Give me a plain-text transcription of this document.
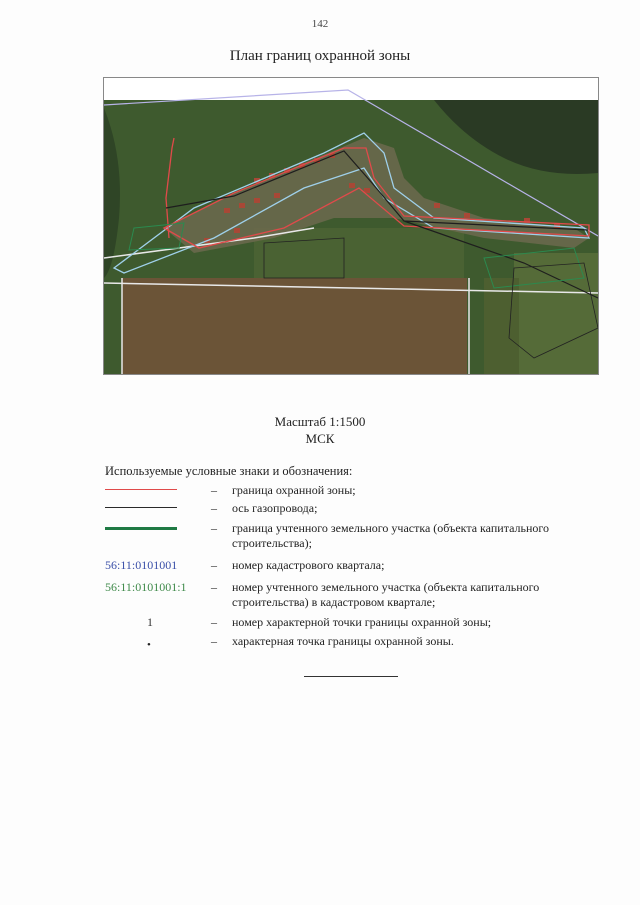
142
План границ охранной зоны
Масштаб 1:1500
МСК
Используемые условные знаки и обозначения:
– граница охранной зоны;
– ось газопровода;
– граница учтенного земельного участка (объекта капитального строительства);
56:11:0101001	– номер кадастрового квартала;
56:11:0101001:1	– номер учтенного земельного участка (объекта капитального строительства) в кадастровом квартале;
1	– номер характерной точки границы охранной зоны;
•	– характерная точка границы охранной зоны.
